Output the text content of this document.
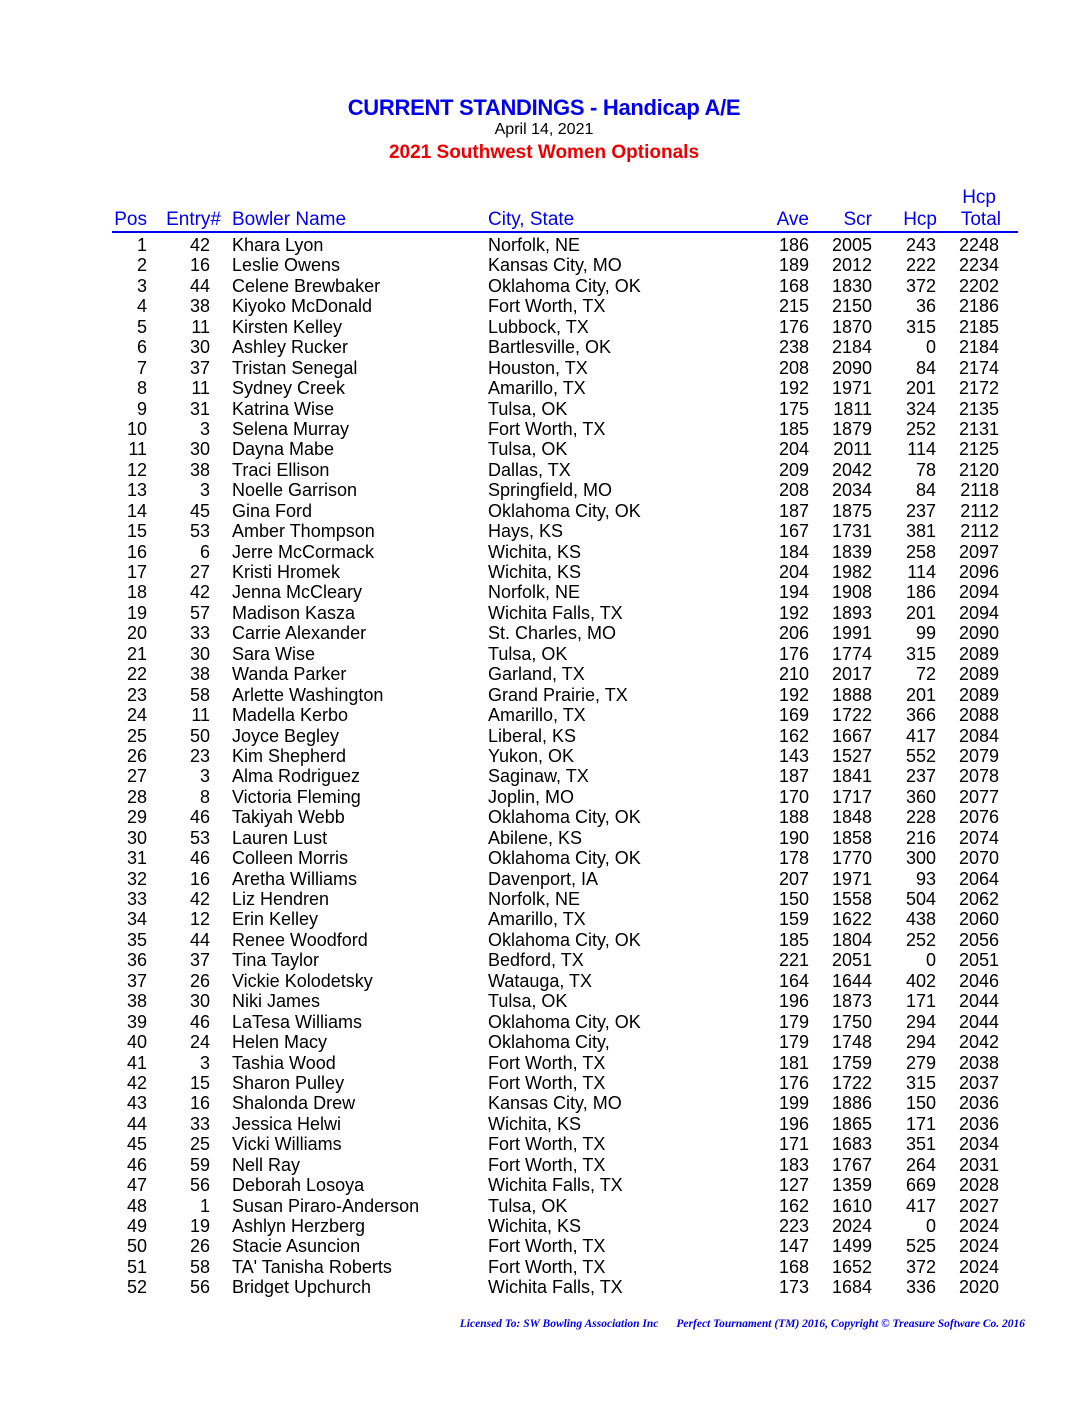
CURRENT STANDINGS - Handicap A/E
April 14, 2021
2021 Southwest Women Optionals
Pos Entry# Bowler Name	City, State	Ave Scr Hcp
Hcp
Total
1 42 Khara Lyon	Norfolk, NE	186 2005 243 2248
2 16 Leslie Owens	Kansas City, MO	189 2012 222 2234
3 44 Celene Brewbaker	Oklahoma City, OK	168 1830 372 2202
4 38 Kiyoko McDonald	Fort Worth, TX	215 2150 36 2186
5 11 Kirsten Kelley	Lubbock, TX	176 1870 315 2185
6 30 Ashley Rucker	Bartlesville, OK	238 2184	0 2184
7 37 Tristan Senegal	Houston, TX	208 2090 84 2174
8 11 Sydney Creek	Amarillo, TX	192 1971 201 2172
9 31 Katrina Wise	Tulsa, OK	175 1811 324 2135
10	3 Selena Murray	Fort Worth, TX	185 1879 252 2131
11 30 Dayna Mabe	Tulsa, OK	204 2011 114 2125
12 38 Traci Ellison	Dallas, TX	209 2042 78 2120
13	3 Noelle Garrison	Springfield, MO	208 2034 84 2118
14 45 Gina Ford	Oklahoma City, OK	187 1875 237 2112
15 53 Amber Thompson	Hays, KS	167 1731 381 2112
16	6 Jerre McCormack	Wichita, KS	184 1839 258 2097
17 27 Kristi Hromek	Wichita, KS	204 1982 114 2096
18 42 Jenna McCleary	Norfolk, NE	194 1908 186 2094
19 57 Madison Kasza	Wichita Falls, TX	192 1893 201 2094
20 33 Carrie Alexander	St. Charles, MO	206 1991 99 2090
21 30 Sara Wise	Tulsa, OK	176 1774 315 2089
22 38 Wanda Parker	Garland, TX	210 2017 72 2089
23 58 Arlette Washington	Grand Prairie, TX	192 1888 201 2089
24 11 Madella Kerbo	Amarillo, TX	169 1722 366 2088
25 50 Joyce Begley	Liberal, KS	162 1667 417 2084
26 23 Kim Shepherd	Yukon, OK	143 1527 552 2079
27	3 Alma Rodriguez	Saginaw, TX	187 1841 237 2078
28	8 Victoria Fleming	Joplin, MO	170 1717 360 2077
29 46 Takiyah Webb	Oklahoma City, OK	188 1848 228 2076
30 53 Lauren Lust	Abilene, KS	190 1858 216 2074
31 46 Colleen Morris	Oklahoma City, OK	178 1770 300 2070
32 16 Aretha Williams	Davenport, IA	207 1971 93 2064
33 42 Liz Hendren	Norfolk, NE	150 1558 504 2062
34 12 Erin Kelley	Amarillo, TX	159 1622 438 2060
35 44 Renee Woodford	Oklahoma City, OK	185 1804 252 2056
36 37 Tina Taylor	Bedford, TX	221 2051	0 2051
37 26 Vickie Kolodetsky	Watauga, TX	164 1644 402 2046
38 30 Niki James	Tulsa, OK	196 1873 171 2044
39 46 LaTesa Williams	Oklahoma City, OK	179 1750 294 2044
40 24 Helen Macy	Oklahoma City,	179 1748 294 2042
41	3 Tashia Wood	Fort Worth, TX	181 1759 279 2038
42 15 Sharon Pulley	Fort Worth, TX	176 1722 315 2037
43 16 Shalonda Drew	Kansas City, MO	199 1886 150 2036
44 33 Jessica Helwi	Wichita, KS	196 1865 171 2036
45 25 Vicki Williams	Fort Worth, TX	171 1683 351 2034
46 59 Nell Ray	Fort Worth, TX	183 1767 264 2031
47 56 Deborah Losoya	Wichita Falls, TX	127 1359 669 2028
48	1 Susan Piraro-Anderson	Tulsa, OK	162 1610 417 2027
49 19 Ashlyn Herzberg	Wichita, KS	223 2024	0 2024
50 26 Stacie Asuncion	Fort Worth, TX	147 1499 525 2024
51 58 TA' Tanisha Roberts	Fort Worth, TX	168 1652 372 2024
52 56 Bridget Upchurch	Wichita Falls, TX	173 1684 336 2020
Licensed To: SW Bowling Association Inc Perfect Tournament (TM) 2016, Copyright © Treasure Software Co. 2016
